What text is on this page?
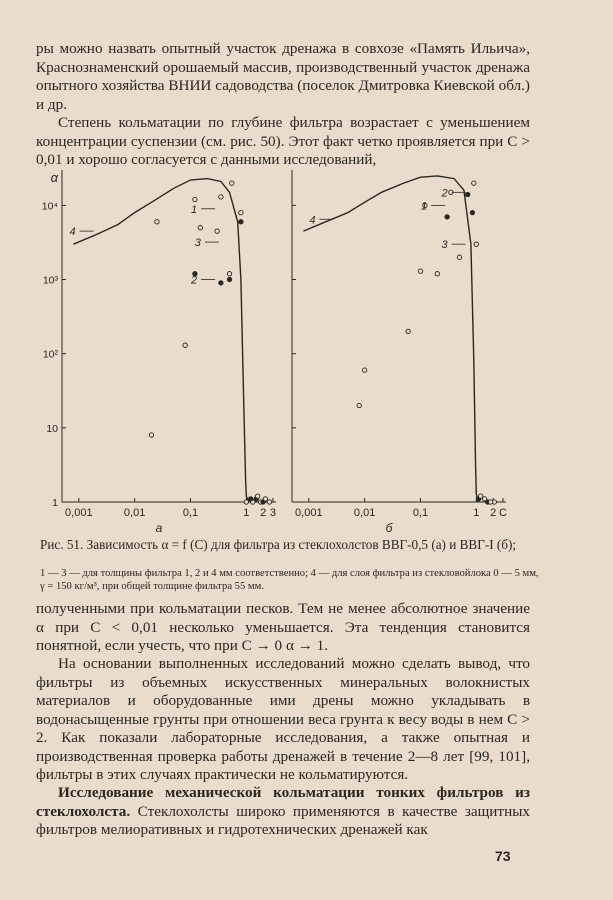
ры можно назвать опытный участок дренажа в совхозе «Память Ильича», Краснознаменский орошаемый массив, производственный участок дренажа опытного хозяйства ВНИИ садоводства (поселок Дмитровка Киевской обл.) и др.

Степень кольматации по глубине фильтра возрастает с уменьшением концентрации суспензии (см. рис. 50). Этот факт четко проявляется при C > 0,01 и хорошо согласуется с данными исследований,

0,001	0,01	0,1	1 2 3
1
10
10²
10³
10⁴
α
а
1
2
3
4
0,001	0,01	0,1	1 2 C
б
1
2
3
4

Рис. 51. Зависимость α = f (C) для фильтра из стеклохолстов ВВГ-0,5 (а) и ВВГ-I (б);

1 — 3 — для толщины фильтра 1, 2 и 4 мм соответственно; 4 — для слоя фильтра из стекловойлока 0 — 5 мм, γ = 150 кг/м³, при общей толщине фильтра 55 мм.

полученными при кольматации песков. Тем не менее абсолютное значение α при C < 0,01 несколько уменьшается. Эта тенденция становится понятной, если учесть, что при C → 0 α → 1.

На основании выполненных исследований можно сделать вывод, что фильтры из объемных искусственных минеральных волокнистых материалов и оборудованные ими дрены можно укладывать в водонасыщенные грунты при отношении веса грунта к весу воды в нем C > 2. Как показали лабораторные исследования, а также опытная и производственная проверка работы дренажей в течение 2—8 лет [99, 101], фильтры в этих случаях практически не кольматируются.

Исследование механической кольматации тонких фильтров из стеклохолста. Стеклохолсты широко применяются в качестве защитных фильтров мелиоративных и гидротехнических дренажей как

73
